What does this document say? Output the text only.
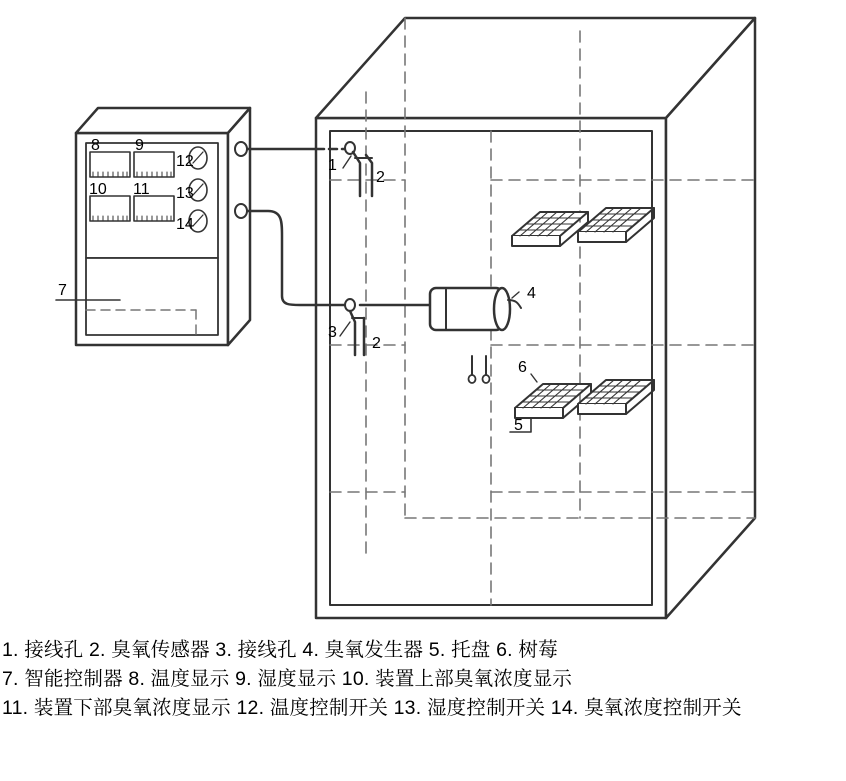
1
2
3
2
4
5
6
7
8 9
10 11
12
13
14
1. 接线孔 2. 臭氧传感器 3. 接线孔 4. 臭氧发生器 5. 托盘 6. 树莓
7. 智能控制器 8. 温度显示 9. 湿度显示 10. 装置上部臭氧浓度显示
11. 装置下部臭氧浓度显示 12. 温度控制开关 13. 湿度控制开关 14. 臭氧浓度控制开关
